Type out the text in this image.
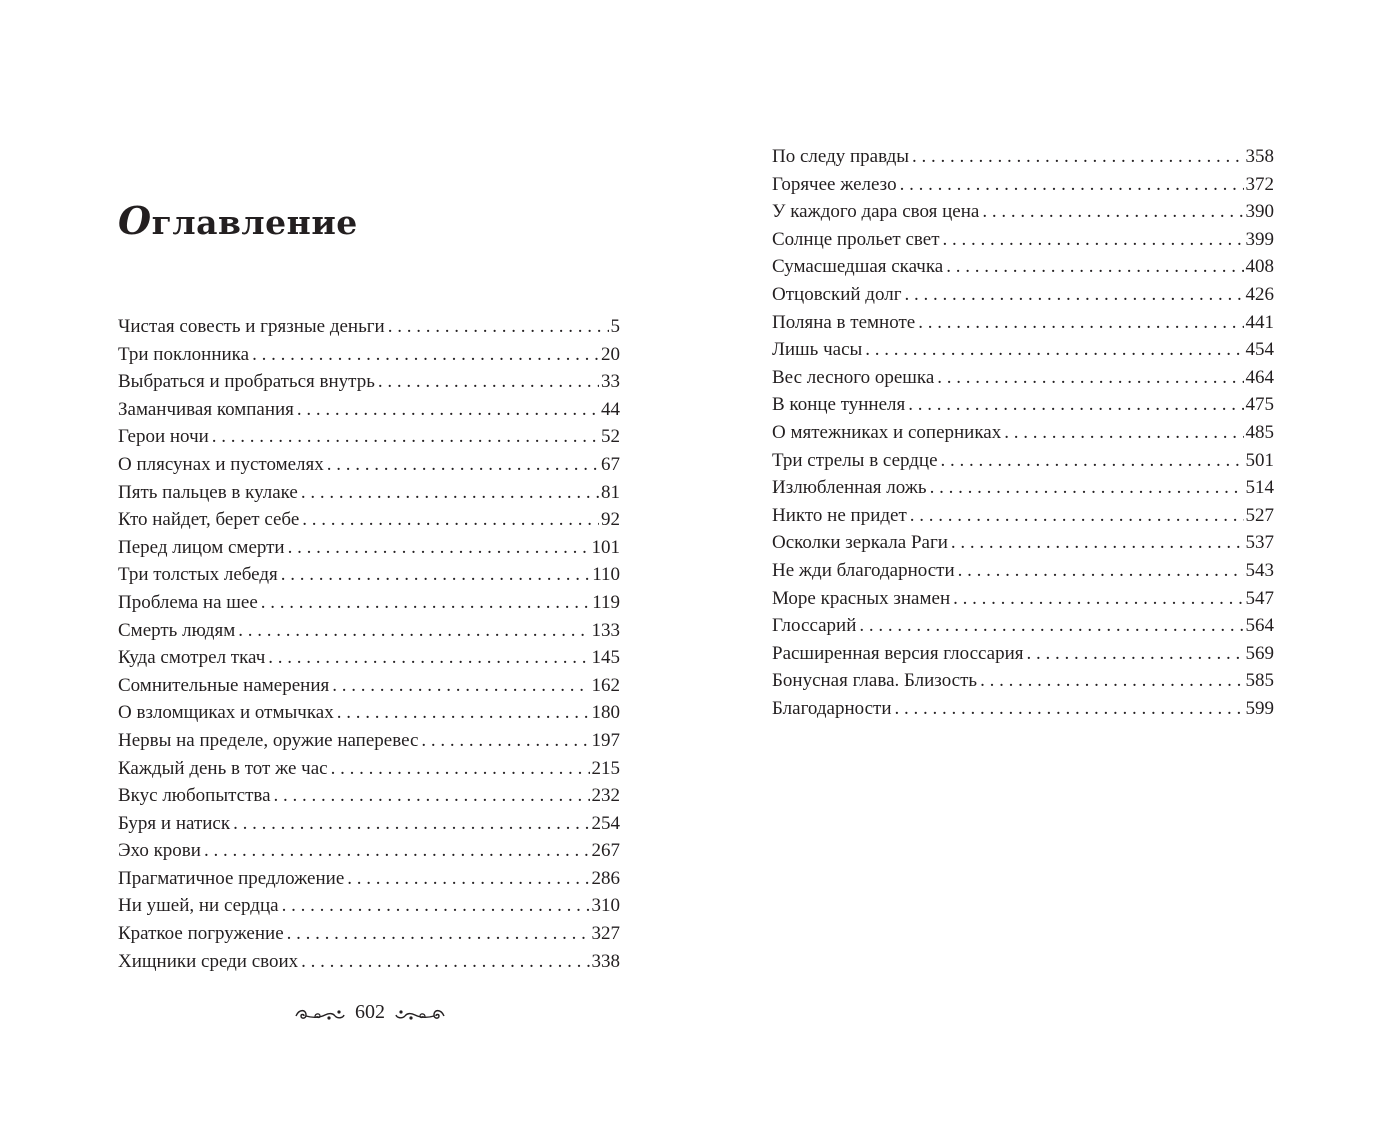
Оглавление
Чистая совесть и грязные деньги . . .	5
Три поклонника . . .	20
Выбраться и пробраться внутрь . . .	33
Заманчивая компания . . .	44
Герои ночи . . .	52
О плясунах и пустомелях . . .	67
Пять пальцев в кулаке . . .	81
Кто найдет, берет себе . . .	92
Перед лицом смерти . . .	101
Три толстых лебедя . . .	110
Проблема на шее . . .	119
Смерть людям . . .	133
Куда смотрел ткач . . .	145
Сомнительные намерения . . .	162
О взломщиках и отмычках . . .	180
Нервы на пределе, оружие наперевес . . .	197
Каждый день в тот же час . . .	215
Вкус любопытства . . .	232
Буря и натиск . . .	254
Эхо крови . . .	267
Прагматичное предложение . . .	286
Ни ушей, ни сердца . . .	310
Краткое погружение . . .	327
Хищники среди своих . . .	338
602
По следу правды . . .	358
Горячее железо . . .	372
У каждого дара своя цена . . .	390
Солнце прольет свет . . .	399
Сумасшедшая скачка . . .	408
Отцовский долг . . .	426
Поляна в темноте . . .	441
Лишь часы . . .	454
Вес лесного орешка . . .	464
В конце туннеля . . .	475
О мятежниках и соперниках . . .	485
Три стрелы в сердце . . .	501
Излюбленная ложь . . .	514
Никто не придет . . .	527
Осколки зеркала Раги . . .	537
Не жди благодарности . . .	543
Море красных знамен . . .	547
Глоссарий . . .	564
Расширенная версия глоссария . . .	569
Бонусная глава. Близость . . .	585
Благодарности . . .	599
